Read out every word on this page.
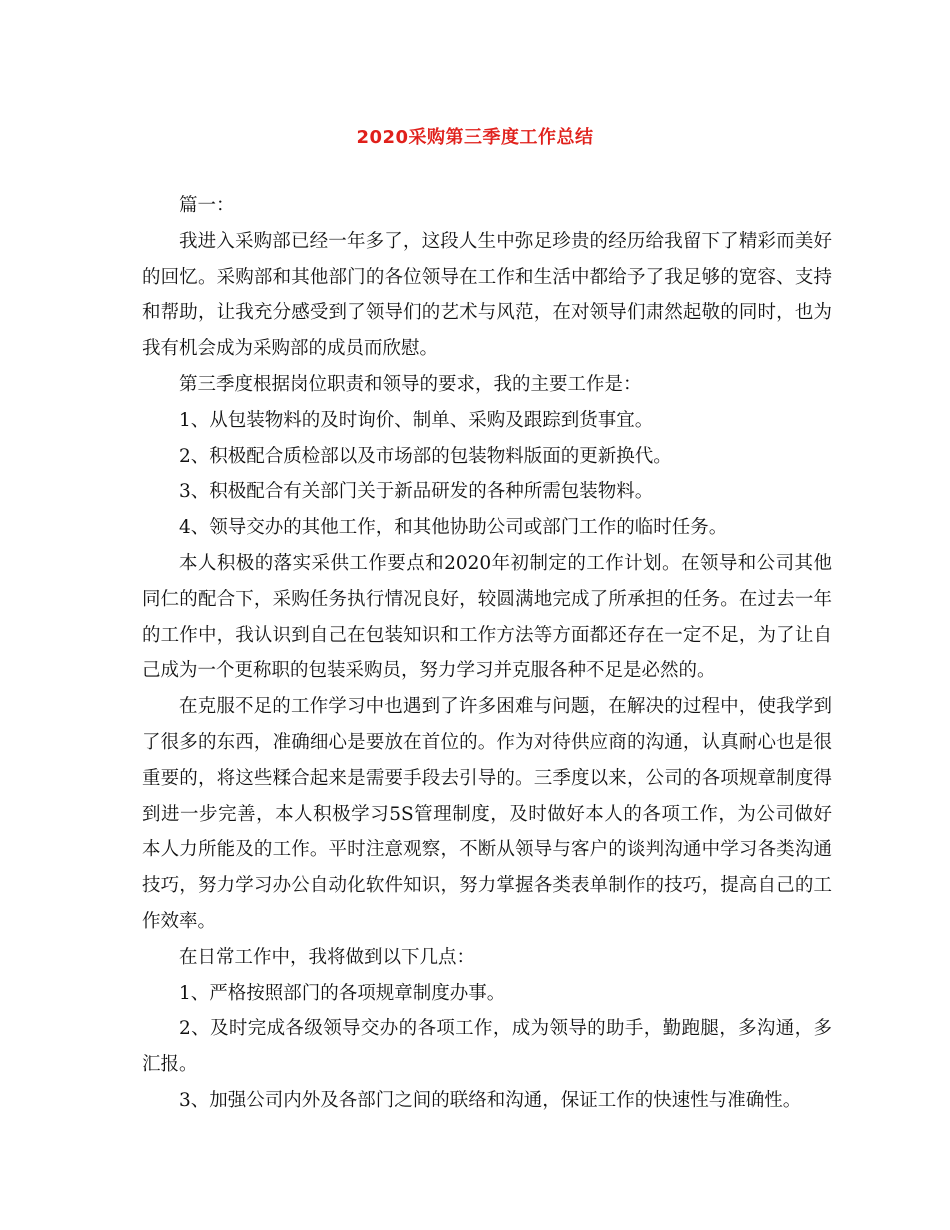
2020采购第三季度工作总结

篇一：

我进入采购部已经一年多了，这段人生中弥足珍贵的经历给我留下了精彩而美好的回忆。采购部和其他部门的各位领导在工作和生活中都给予了我足够的宽容、支持和帮助，让我充分感受到了领导们的艺术与风范，在对领导们肃然起敬的同时，也为我有机会成为采购部的成员而欣慰。

第三季度根据岗位职责和领导的要求，我的主要工作是：

1、从包装物料的及时询价、制单、采购及跟踪到货事宜。

2、积极配合质检部以及市场部的包装物料版面的更新换代。

3、积极配合有关部门关于新品研发的各种所需包装物料。

4、领导交办的其他工作，和其他协助公司或部门工作的临时任务。

本人积极的落实采供工作要点和2020年初制定的工作计划。在领导和公司其他同仁的配合下，采购任务执行情况良好，较圆满地完成了所承担的任务。在过去一年的工作中，我认识到自己在包装知识和工作方法等方面都还存在一定不足，为了让自己成为一个更称职的包装采购员，努力学习并克服各种不足是必然的。

在克服不足的工作学习中也遇到了许多困难与问题，在解决的过程中，使我学到了很多的东西，准确细心是要放在首位的。作为对待供应商的沟通，认真耐心也是很重要的，将这些糅合起来是需要手段去引导的。三季度以来，公司的各项规章制度得到进一步完善，本人积极学习5S管理制度，及时做好本人的各项工作，为公司做好本人力所能及的工作。平时注意观察，不断从领导与客户的谈判沟通中学习各类沟通技巧，努力学习办公自动化软件知识，努力掌握各类表单制作的技巧，提高自己的工作效率。

在日常工作中，我将做到以下几点：

1、严格按照部门的各项规章制度办事。

2、及时完成各级领导交办的各项工作，成为领导的助手，勤跑腿，多沟通，多汇报。

3、加强公司内外及各部门之间的联络和沟通，保证工作的快速性与准确性。
